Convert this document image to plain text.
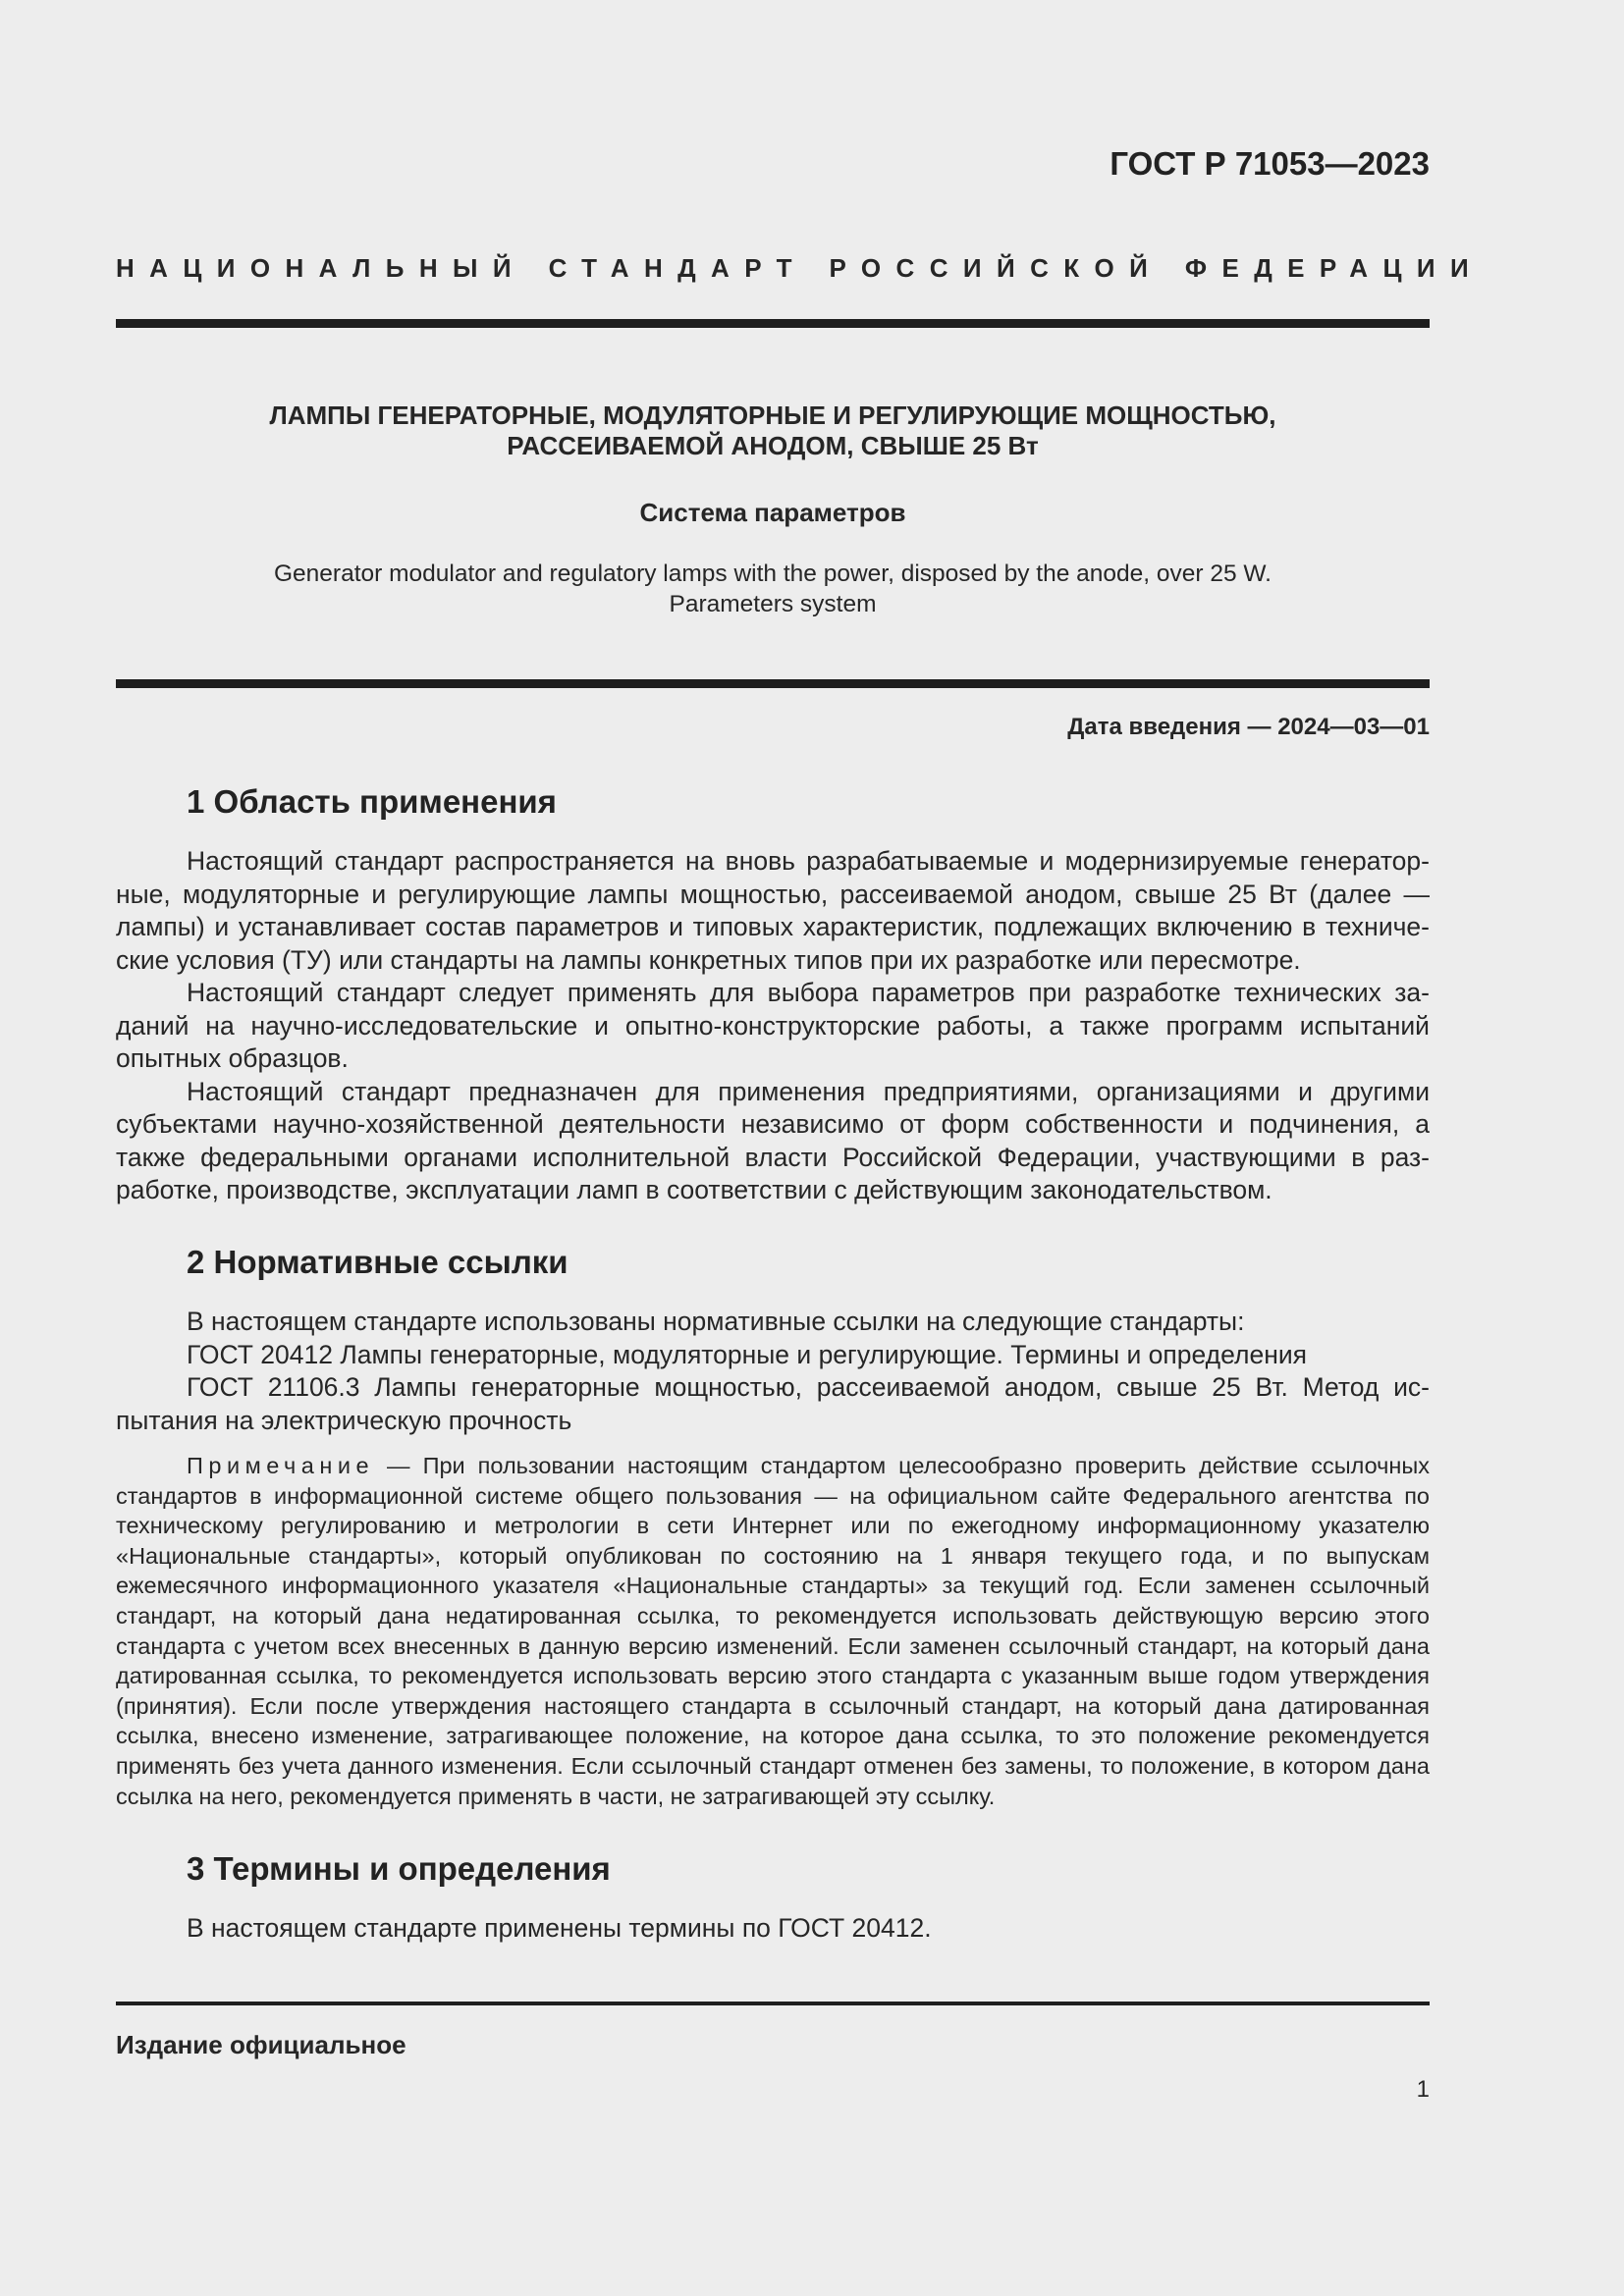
ГОСТ Р 71053—2023
НАЦИОНАЛЬНЫЙ СТАНДАРТ РОССИЙСКОЙ ФЕДЕРАЦИИ
ЛАМПЫ ГЕНЕРАТОРНЫЕ, МОДУЛЯТОРНЫЕ И РЕГУЛИРУЮЩИЕ МОЩНОСТЬЮ,
РАССЕИВАЕМОЙ АНОДОМ, СВЫШЕ 25 Вт
Система параметров
Generator modulator and regulatory lamps with the power, disposed by the anode, over 25 W.
Parameters system
Дата введения — 2024—03—01
1 Область применения

Настоящий стандарт распространяется на вновь разрабатываемые и модернизируемые генераторные, модуляторные и регулирующие лампы мощностью, рассеиваемой анодом, свыше 25 Вт (далее — лампы) и устанавливает состав параметров и типовых характеристик, подлежащих включению в технические условия (ТУ) или стандарты на лампы конкретных типов при их разработке или пересмотре.

Настоящий стандарт следует применять для выбора параметров при разработке технических заданий на научно-исследовательские и опытно-конструкторские работы, а также программ испытаний опытных образцов.

Настоящий стандарт предназначен для применения предприятиями, организациями и другими субъектами научно-хозяйственной деятельности независимо от форм собственности и подчинения, а также федеральными органами исполнительной власти Российской Федерации, участвующими в разработке, производстве, эксплуатации ламп в соответствии с действующим законодательством.

2 Нормативные ссылки

В настоящем стандарте использованы нормативные ссылки на следующие стандарты:

ГОСТ 20412 Лампы генераторные, модуляторные и регулирующие. Термины и определения

ГОСТ 21106.3 Лампы генераторные мощностью, рассеиваемой анодом, свыше 25 Вт. Метод испытания на электрическую прочность

Примечание — При пользовании настоящим стандартом целесообразно проверить действие ссылочных стандартов в информационной системе общего пользования — на официальном сайте Федерального агентства по техническому регулированию и метрологии в сети Интернет или по ежегодному информационному указателю «Национальные стандарты», который опубликован по состоянию на 1 января текущего года, и по выпускам ежемесячного информационного указателя «Национальные стандарты» за текущий год. Если заменен ссылочный стандарт, на который дана недатированная ссылка, то рекомендуется использовать действующую версию этого стандарта с учетом всех внесенных в данную версию изменений. Если заменен ссылочный стандарт, на который дана датированная ссылка, то рекомендуется использовать версию этого стандарта с указанным выше годом утверждения (принятия). Если после утверждения настоящего стандарта в ссылочный стандарт, на который дана датированная ссылка, внесено изменение, затрагивающее положение, на которое дана ссылка, то это положение рекомендуется применять без учета данного изменения. Если ссылочный стандарт отменен без замены, то положение, в котором дана ссылка на него, рекомендуется применять в части, не затрагивающей эту ссылку.

3 Термины и определения

В настоящем стандарте применены термины по ГОСТ 20412.

Издание официальное
1
